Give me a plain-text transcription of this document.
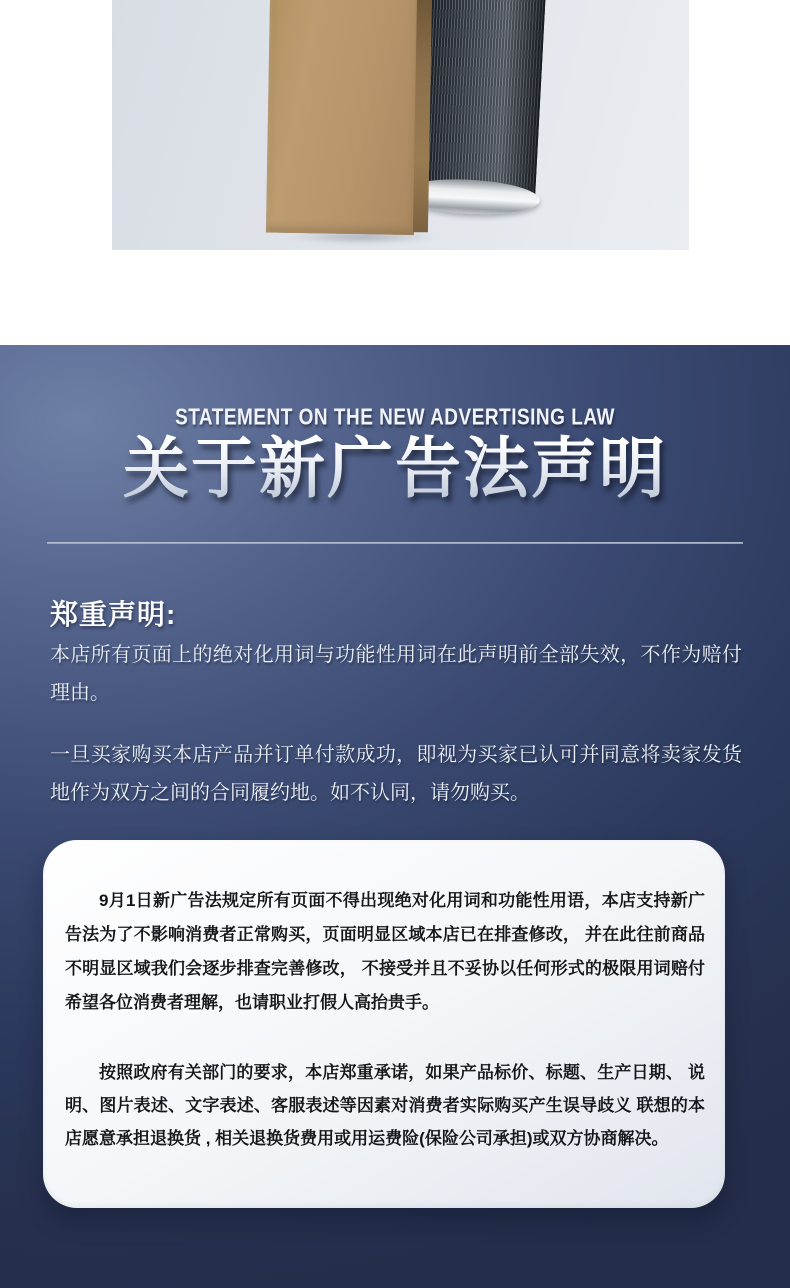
STATEMENT ON THE NEW ADVERTISING LAW
关于新广告法声明
郑重声明:

本店所有页面上的绝对化用词与功能性用词在此声明前全部失效，不作为赔付理由。

一旦买家购买本店产品并订单付款成功，即视为买家已认可并同意将卖家发货地作为双方之间的合同履约地。如不认同，请勿购买。

9月1日新广告法规定所有页面不得出现绝对化用词和功能性用语，本店支持新广告法为了不影响消费者正常购买，页面明显区域本店已在排查修改， 并在此往前商品不明显区域我们会逐步排查完善修改， 不接受并且不妥协以任何形式的极限用词赔付希望各位消费者理解，也请职业打假人高抬贵手。

按照政府有关部门的要求，本店郑重承诺，如果产品标价、标题、生产日期、 说明、图片表述、文字表述、客服表述等因素对消费者实际购买产生误导歧义 联想的本店愿意承担退换货 , 相关退换货费用或用运费险(保险公司承担)或双方协商解决。
